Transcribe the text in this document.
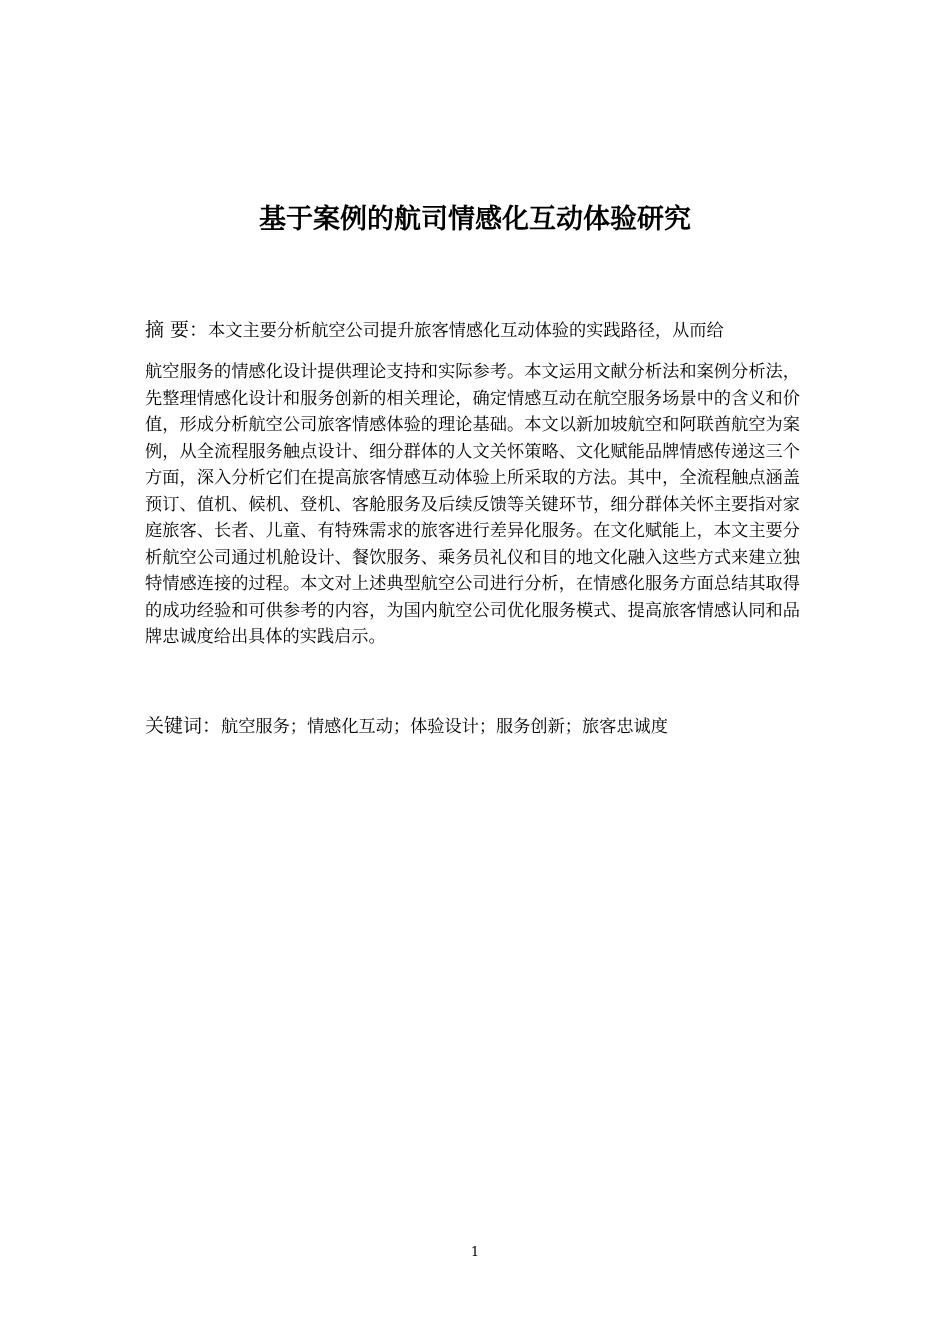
基于案例的航司情感化互动体验研究
摘 要：本文主要分析航空公司提升旅客情感化互动体验的实践路径，从而给
航空服务的情感化设计提供理论支持和实际参考。本文运用文献分析法和案例分析法，先整理情感化设计和服务创新的相关理论，确定情感互动在航空服务场景中的含义和价值，形成分析航空公司旅客情感体验的理论基础。本文以新加坡航空和阿联酋航空为案例，从全流程服务触点设计、细分群体的人文关怀策略、文化赋能品牌情感传递这三个方面，深入分析它们在提高旅客情感互动体验上所采取的方法。其中，全流程触点涵盖预订、值机、候机、登机、客舱服务及后续反馈等关键环节，细分群体关怀主要指对家庭旅客、长者、儿童、有特殊需求的旅客进行差异化服务。在文化赋能上，本文主要分析航空公司通过机舱设计、餐饮服务、乘务员礼仪和目的地文化融入这些方式来建立独特情感连接的过程。本文对上述典型航空公司进行分析，在情感化服务方面总结其取得的成功经验和可供参考的内容，为国内航空公司优化服务模式、提高旅客情感认同和品牌忠诚度给出具体的实践启示。
关键词：航空服务；情感化互动；体验设计；服务创新；旅客忠诚度
1
